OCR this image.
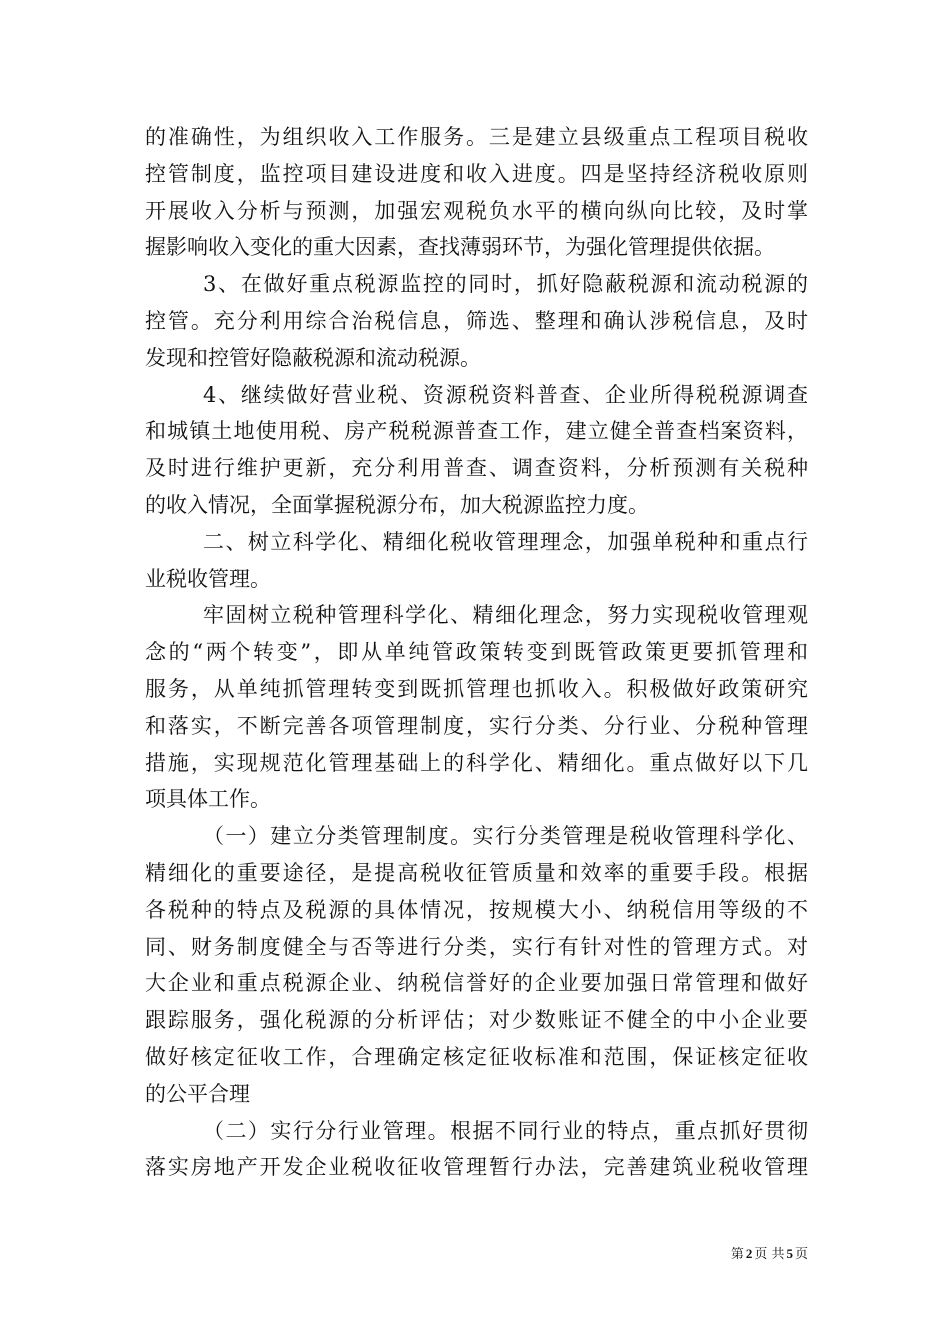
的准确性，为组织收入工作服务。三是建立县级重点工程项目税收
控管制度，监控项目建设进度和收入进度。四是坚持经济税收原则
开展收入分析与预测，加强宏观税负水平的横向纵向比较，及时掌
握影响收入变化的重大因素，查找薄弱环节，为强化管理提供依据。
3、在做好重点税源监控的同时，抓好隐蔽税源和流动税源的
控管。充分利用综合治税信息，筛选、整理和确认涉税信息，及时
发现和控管好隐蔽税源和流动税源。
4、继续做好营业税、资源税资料普查、企业所得税税源调查
和城镇土地使用税、房产税税源普查工作，建立健全普查档案资料，
及时进行维护更新，充分利用普查、调查资料，分析预测有关税种
的收入情况，全面掌握税源分布，加大税源监控力度。
二、树立科学化、精细化税收管理理念，加强单税种和重点行
业税收管理。
牢固树立税种管理科学化、精细化理念，努力实现税收管理观
念的“两个转变”，即从单纯管政策转变到既管政策更要抓管理和
服务，从单纯抓管理转变到既抓管理也抓收入。积极做好政策研究
和落实，不断完善各项管理制度，实行分类、分行业、分税种管理
措施，实现规范化管理基础上的科学化、精细化。重点做好以下几
项具体工作。
（一）建立分类管理制度。实行分类管理是税收管理科学化、
精细化的重要途径，是提高税收征管质量和效率的重要手段。根据
各税种的特点及税源的具体情况，按规模大小、纳税信用等级的不
同、财务制度健全与否等进行分类，实行有针对性的管理方式。对
大企业和重点税源企业、纳税信誉好的企业要加强日常管理和做好
跟踪服务，强化税源的分析评估；对少数账证不健全的中小企业要
做好核定征收工作，合理确定核定征收标准和范围，保证核定征收
的公平合理
（二）实行分行业管理。根据不同行业的特点，重点抓好贯彻
落实房地产开发企业税收征收管理暂行办法，完善建筑业税收管理
第 2 页 共 5 页
